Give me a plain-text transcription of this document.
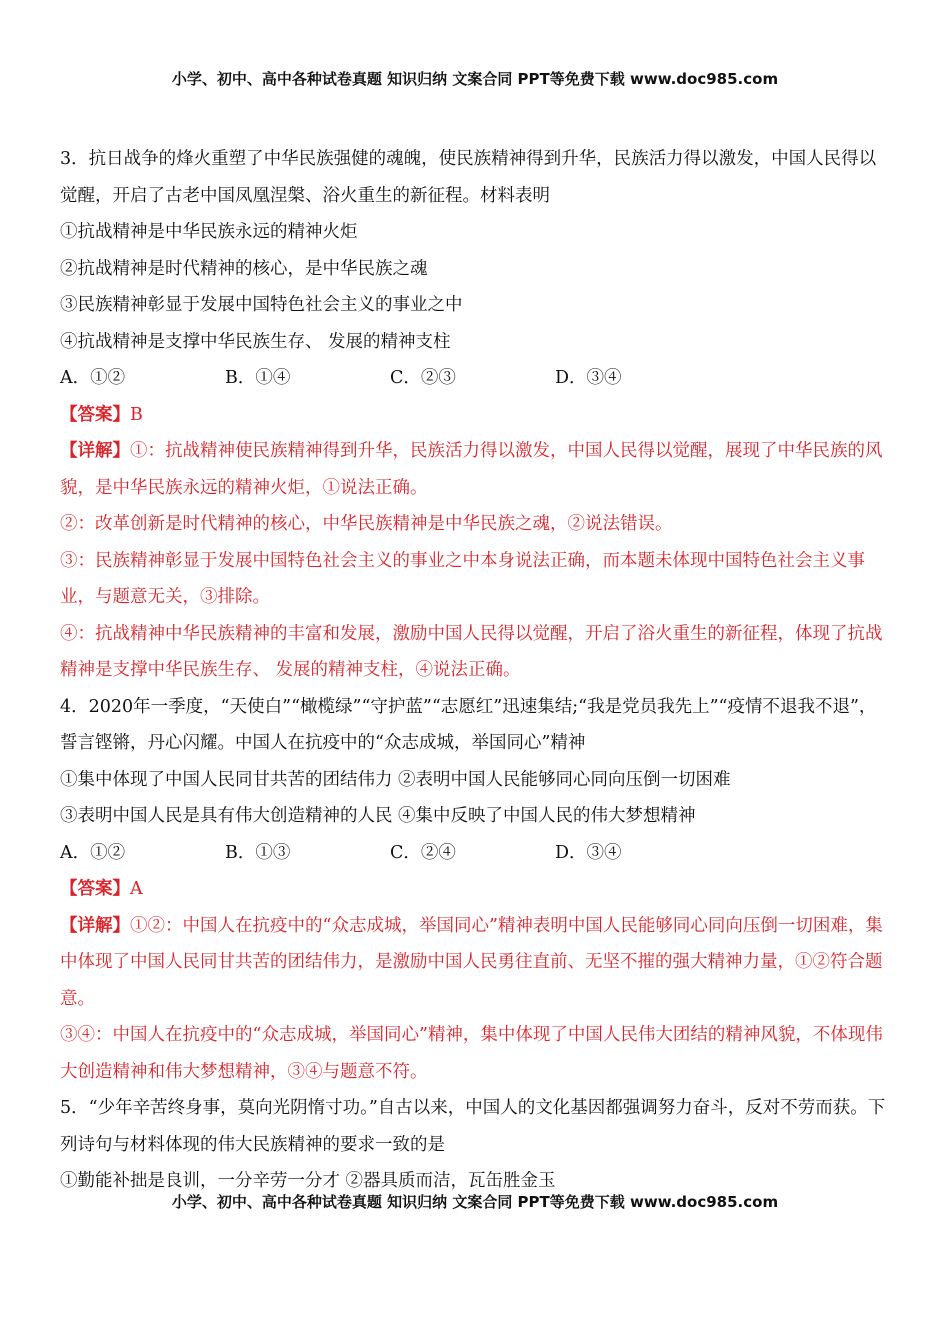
小学、初中、高中各种试卷真题 知识归纳 文案合同 PPT等免费下载 www.doc985.com
3．抗日战争的烽火重塑了中华民族强健的魂魄，使民族精神得到升华，民族活力得以激发，中国人民得以觉醒，开启了古老中国凤凰涅槃、浴火重生的新征程。材料表明
①抗战精神是中华民族永远的精神火炬
②抗战精神是时代精神的核心，是中华民族之魂
③民族精神彰显于发展中国特色社会主义的事业之中
④抗战精神是支撑中华民族生存、 发展的精神支柱
A．①②	B．①④	C．②③	D．③④
【答案】B
【详解】①：抗战精神使民族精神得到升华，民族活力得以激发，中国人民得以觉醒，展现了中华民族的风貌，是中华民族永远的精神火炬，①说法正确。
②：改革创新是时代精神的核心，中华民族精神是中华民族之魂，②说法错误。
③：民族精神彰显于发展中国特色社会主义的事业之中本身说法正确，而本题未体现中国特色社会主义事业，与题意无关，③排除。
④：抗战精神中华民族精神的丰富和发展，激励中国人民得以觉醒，开启了浴火重生的新征程，体现了抗战精神是支撑中华民族生存、 发展的精神支柱，④说法正确。
4．2020年一季度，“天使白”“橄榄绿”“守护蓝”“志愿红”迅速集结;“我是党员我先上”“疫情不退我不退”，誓言铿锵，丹心闪耀。中国人在抗疫中的“众志成城，举国同心”精神
①集中体现了中国人民同甘共苦的团结伟力 ②表明中国人民能够同心同向压倒一切困难
③表明中国人民是具有伟大创造精神的人民 ④集中反映了中国人民的伟大梦想精神
A．①②	B．①③	C．②④	D．③④
【答案】A
【详解】①②：中国人在抗疫中的“众志成城，举国同心”精神表明中国人民能够同心同向压倒一切困难，集中体现了中国人民同甘共苦的团结伟力，是激励中国人民勇往直前、无坚不摧的强大精神力量，①②符合题意。
③④：中国人在抗疫中的“众志成城，举国同心”精神，集中体现了中国人民伟大团结的精神风貌，不体现伟大创造精神和伟大梦想精神，③④与题意不符。
5．“少年辛苦终身事，莫向光阴惰寸功。”自古以来，中国人的文化基因都强调努力奋斗，反对不劳而获。下列诗句与材料体现的伟大民族精神的要求一致的是
①勤能补拙是良训，一分辛劳一分才 ②器具质而洁，瓦缶胜金玉
小学、初中、高中各种试卷真题 知识归纳 文案合同 PPT等免费下载 www.doc985.com
